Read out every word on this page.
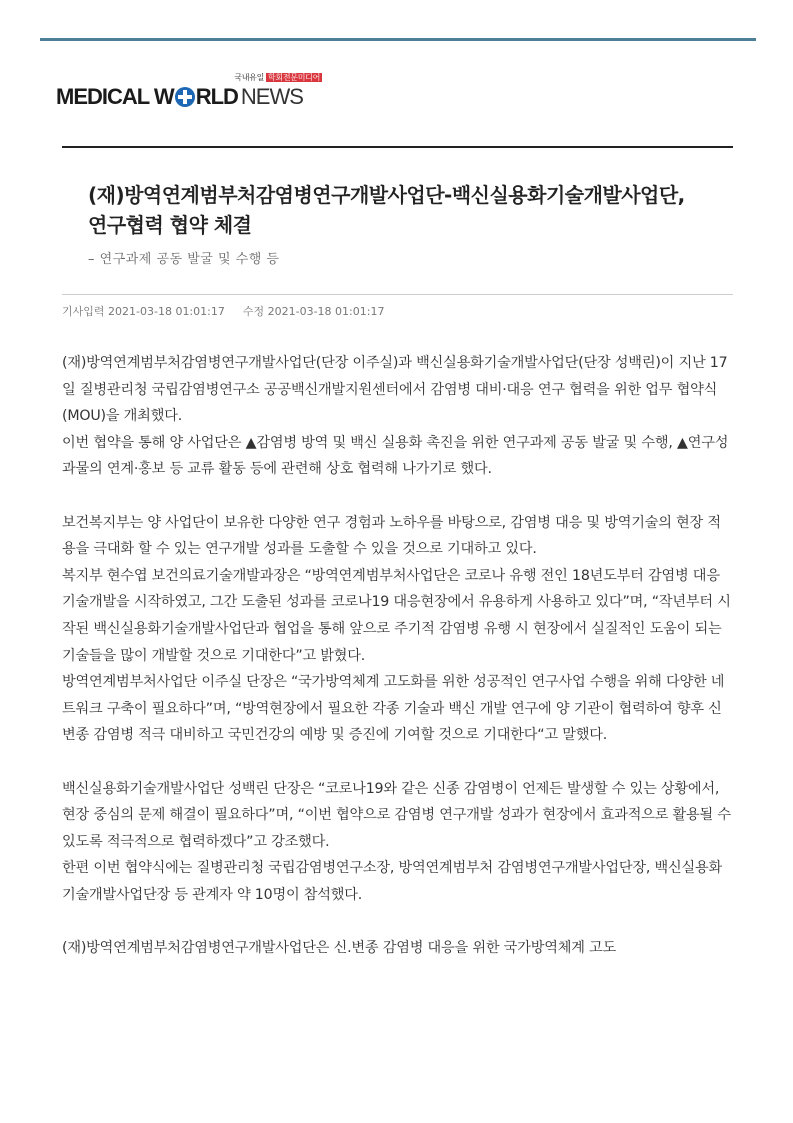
국내유일 학회전문미디어
MEDICAL W RLD NEWS
(재)방역연계범부처감염병연구개발사업단-백신실용화기술개발사업단, 연구협력 협약 체결
– 연구과제 공동 발굴 및 수행 등
기사입력 2021-03-18 01:01:17 수정 2021-03-18 01:01:17

(재)방역연계범부처감염병연구개발사업단(단장 이주실)과 백신실용화기술개발사업단(단장 성백린)이 지난 17일 질병관리청 국립감염병연구소 공공백신개발지원센터에서 감염병 대비·대응 연구 협력을 위한 업무 협약식(MOU)을 개최했다.

이번 협약을 통해 양 사업단은 ▲감염병 방역 및 백신 실용화 촉진을 위한 연구과제 공동 발굴 및 수행, ▲연구성과물의 연계·홍보 등 교류 활동 등에 관련해 상호 협력해 나가기로 했다.

보건복지부는 양 사업단이 보유한 다양한 연구 경험과 노하우를 바탕으로, 감염병 대응 및 방역기술의 현장 적용을 극대화 할 수 있는 연구개발 성과를 도출할 수 있을 것으로 기대하고 있다.

복지부 현수엽 보건의료기술개발과장은 “방역연계범부처사업단은 코로나 유행 전인 18년도부터 감염병 대응기술개발을 시작하였고, 그간 도출된 성과를 코로나19 대응현장에서 유용하게 사용하고 있다”며, “작년부터 시작된 백신실용화기술개발사업단과 협업을 통해 앞으로 주기적 감염병 유행 시 현장에서 실질적인 도움이 되는 기술들을 많이 개발할 것으로 기대한다”고 밝혔다.

방역연계범부처사업단 이주실 단장은 “국가방역체계 고도화를 위한 성공적인 연구사업 수행을 위해 다양한 네트워크 구축이 필요하다”며, “방역현장에서 필요한 각종 기술과 백신 개발 연구에 양 기관이 협력하여 향후 신변종 감염병 적극 대비하고 국민건강의 예방 및 증진에 기여할 것으로 기대한다“고 말했다.

백신실용화기술개발사업단 성백린 단장은 “코로나19와 같은 신종 감염병이 언제든 발생할 수 있는 상황에서, 현장 중심의 문제 해결이 필요하다”며, “이번 협약으로 감염병 연구개발 성과가 현장에서 효과적으로 활용될 수 있도록 적극적으로 협력하겠다”고 강조했다.

한편 이번 협약식에는 질병관리청 국립감염병연구소장, 방역연계범부처 감염병연구개발사업단장, 백신실용화기술개발사업단장 등 관계자 약 10명이 참석했다.

(재)방역연계범부처감염병연구개발사업단은 신.변종 감염병 대응을 위한 국가방역체계 고도
